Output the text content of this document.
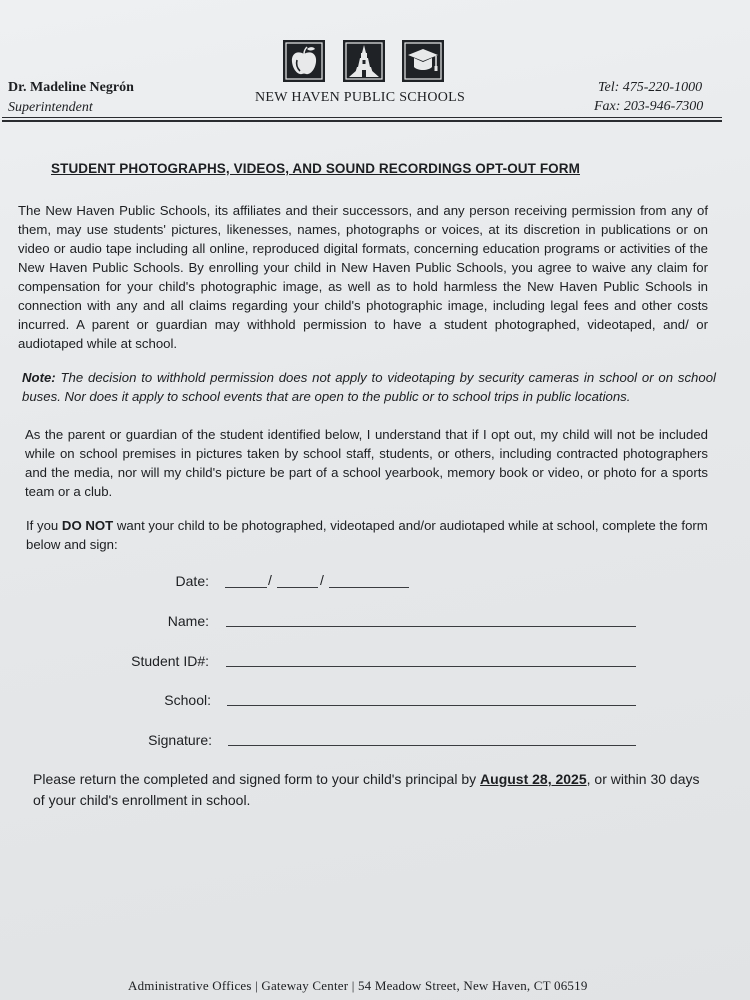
Dr. Madeline Negrón
Superintendent
NEW HAVEN PUBLIC SCHOOLS
Tel: 475-220-1000
Fax: 203-946-7300
STUDENT PHOTOGRAPHS, VIDEOS, AND SOUND RECORDINGS OPT-OUT FORM
The New Haven Public Schools, its affiliates and their successors, and any person receiving permission from any of them, may use students' pictures, likenesses, names, photographs or voices, at its discretion in publications or on video or audio tape including all online, reproduced digital formats, concerning education programs or activities of the New Haven Public Schools. By enrolling your child in New Haven Public Schools, you agree to waive any claim for compensation for your child's photographic image, as well as to hold harmless the New Haven Public Schools in connection with any and all claims regarding your child's photographic image, including legal fees and other costs incurred. A parent or guardian may withhold permission to have a student photographed, videotaped, and/ or audiotaped while at school.
Note: The decision to withhold permission does not apply to videotaping by security cameras in school or on school buses. Nor does it apply to school events that are open to the public or to school trips in public locations.
As the parent or guardian of the student identified below, I understand that if I opt out, my child will not be included while on school premises in pictures taken by school staff, students, or others, including contracted photographers and the media, nor will my child's picture be part of a school yearbook, memory book or video, or photo for a sports team or a club.
If you DO NOT want your child to be photographed, videotaped and/or audiotaped while at school, complete the form below and sign:
Date:	/	/
Name:
Student ID#:
School:
Signature:
Please return the completed and signed form to your child's principal by August 28, 2025, or within 30 days of your child's enrollment in school.
Administrative Offices | Gateway Center | 54 Meadow Street, New Haven, CT 06519
